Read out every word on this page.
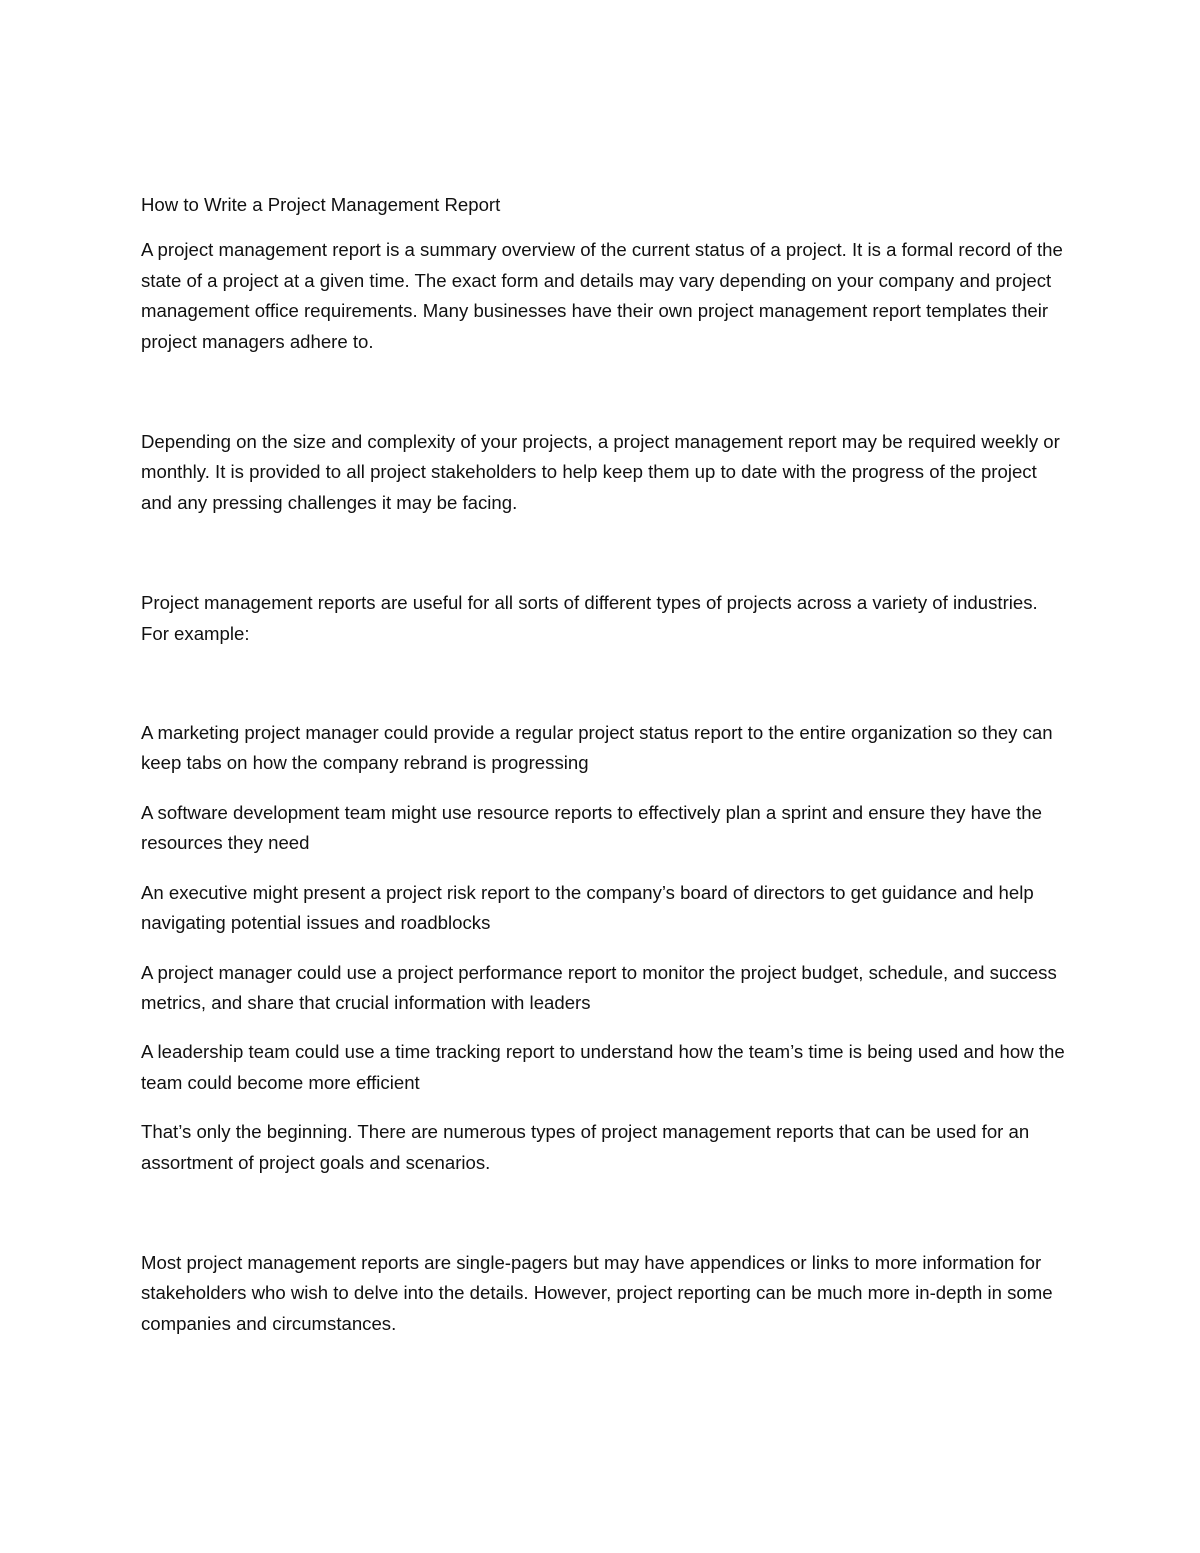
How to Write a Project Management Report

A project management report is a summary overview of the current status of a project. It is a formal record of the state of a project at a given time. The exact form and details may vary depending on your company and project management office requirements. Many businesses have their own project management report templates their project managers adhere to.

Depending on the size and complexity of your projects, a project management report may be required weekly or monthly. It is provided to all project stakeholders to help keep them up to date with the progress of the project and any pressing challenges it may be facing.

Project management reports are useful for all sorts of different types of projects across a variety of industries. For example:

A marketing project manager could provide a regular project status report to the entire organization so they can keep tabs on how the company rebrand is progressing

A software development team might use resource reports to effectively plan a sprint and ensure they have the resources they need

An executive might present a project risk report to the company’s board of directors to get guidance and help navigating potential issues and roadblocks

A project manager could use a project performance report to monitor the project budget, schedule, and success metrics, and share that crucial information with leaders

A leadership team could use a time tracking report to understand how the team’s time is being used and how the team could become more efficient

That’s only the beginning. There are numerous types of project management reports that can be used for an assortment of project goals and scenarios.

Most project management reports are single-pagers but may have appendices or links to more information for stakeholders who wish to delve into the details. However, project reporting can be much more in-depth in some companies and circumstances.
